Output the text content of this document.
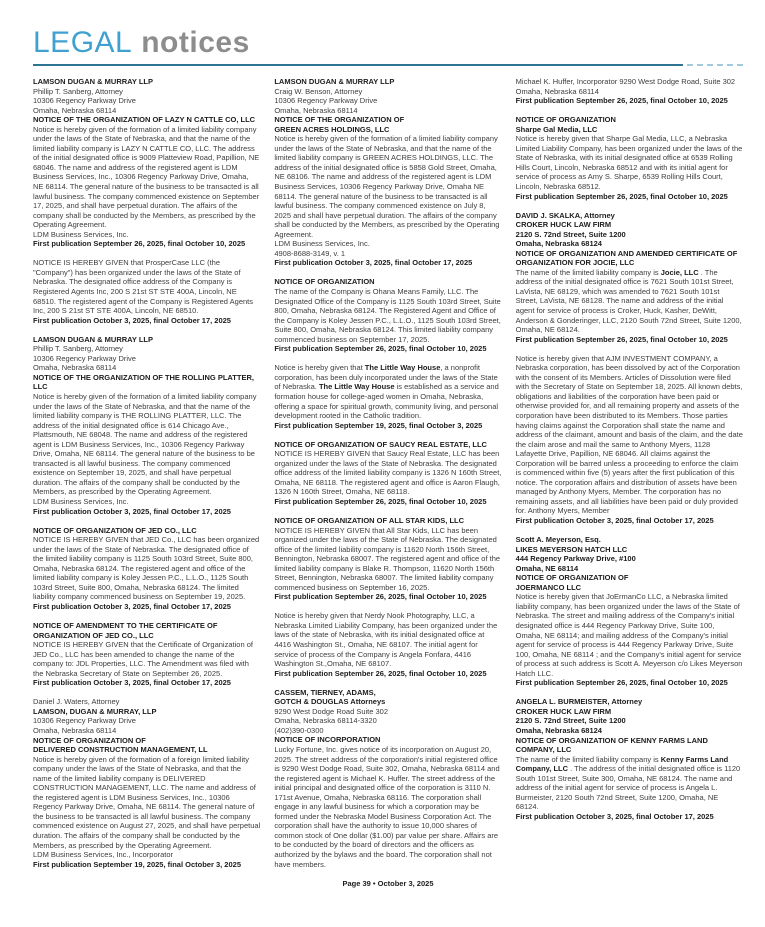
LEGAL notices

LAMSON DUGAN & MURRAY LLP

Phillip T. Sanberg, Attorney

10306 Regency Parkway Drive

Omaha, Nebraska 68114

NOTICE OF THE ORGANIZATION OF LAZY N CATTLE CO, LLC

Notice is hereby given of the formation of a limited liability company under the laws of the State of Nebraska, and that the name of the limited liability company is LAZY N CATTLE CO, LLC. The address of the initial designated office is 9009 Platteview Road, Papillion, NE 68046. The name and address of the registered agent is LDM Business Services, Inc., 10306 Regency Parkway Drive, Omaha, NE 68114. The general nature of the business to be transacted is all lawful business. The company commenced existence on September 17, 2025, and shall have perpetual duration. The affairs of the company shall be conducted by the Members, as prescribed by the Operating Agreement.

LDM Business Services, Inc.

First publication September 26, 2025, final October 10, 2025

NOTICE IS HEREBY GIVEN that ProsperCase LLC (the "Company") has been organized under the laws of the State of Nebraska. The designated office address of the Company is Registered Agents Inc, 200 S 21st ST STE 400A, Lincoln, NE 68510. The registered agent of the Company is Registered Agents Inc, 200 S 21st ST STE 400A, Lincoln, NE 68510.

First publication October 3, 2025, final October 17, 2025

LAMSON DUGAN & MURRAY LLP

Phillip T. Sanberg, Attorney

10306 Regency Parkway Drive

Omaha, Nebraska 68114

NOTICE OF THE ORGANIZATION OF THE ROLLING PLATTER, LLC

Notice is hereby given of the formation of a limited liability company under the laws of the State of Nebraska, and that the name of the limited liability company is THE ROLLING PLATTER, LLC. The address of the initial designated office is 614 Chicago Ave., Plattsmouth, NE 68048. The name and address of the registered agent is LDM Business Services, Inc., 10306 Regency Parkway Drive, Omaha, NE 68114. The general nature of the business to be transacted is all lawful business. The company commenced existence on September 19, 2025, and shall have perpetual duration. The affairs of the company shall be conducted by the Members, as prescribed by the Operating Agreement.

LDM Business Services, Inc.

First publication October 3, 2025, final October 17, 2025

NOTICE OF ORGANIZATION OF JED CO., LLC

NOTICE IS HEREBY GIVEN that JED Co., LLC has been organized under the laws of the State of Nebraska. The designated office of the limited liability company is 1125 South 103rd Street, Suite 800, Omaha, Nebraska 68124. The registered agent and office of the limited liability company is Koley Jessen P.C., L.L.O., 1125 South 103rd Street, Suite 800, Omaha, Nebraska 68124. The limited liability company commenced business on September 19, 2025.

First publication October 3, 2025, final October 17, 2025

NOTICE OF AMENDMENT TO THE CERTIFICATE OF

ORGANIZATION OF JED CO., LLC

NOTICE IS HEREBY GIVEN that the Certificate of Organization of JED Co., LLC has been amended to change the name of the company to: JDL Properties, LLC. The Amendment was filed with the Nebraska Secretary of State on September 26, 2025.

First publication October 3, 2025, final October 17, 2025

Daniel J. Waters, Attorney

LAMSON, DUGAN & MURRAY, LLP

10306 Regency Parkway Drive

Omaha, Nebraska 68114

NOTICE OF ORGANIZATION OF

DELIVERED CONSTRUCTION MANAGEMENT, LL

Notice is hereby given of the formation of a foreign limited liability company under the laws of the State of Nebraska, and that the name of the limited liability company is DELIVERED CONSTRUCTION MANAGEMENT, LLC. The name and address of the registered agent is LDM Business Services, Inc., 10306 Regency Parkway Drive, Omaha, NE 68114. The general nature of the business to be transacted is all lawful business. The company commenced existence on August 27, 2025, and shall have perpetual duration. The affairs of the company shall be conducted by the Members, as prescribed by the Operating Agreement.

LDM Business Services, Inc., Incorporator

First publication September 19, 2025, final October 3, 2025

LAMSON DUGAN & MURRAY LLP

Craig W. Benson, Attorney

10306 Regency Parkway Drive

Omaha, Nebraska 68114

NOTICE OF THE ORGANIZATION OF

GREEN ACRES HOLDINGS, LLC

Notice is hereby given of the formation of a limited liability company under the laws of the State of Nebraska, and that the name of the limited liability company is GREEN ACRES HOLDINGS, LLC. The address of the initial designated office is 5858 Gold Street, Omaha, NE 68106. The name and address of the registered agent is LDM Business Services, 10306 Regency Parkway Drive, Omaha NE 68114. The general nature of the business to be transacted is all lawful business. The company commenced existence on July 8, 2025 and shall have perpetual duration. The affairs of the company shall be conducted by the Members, as prescribed by the Operating Agreement.

LDM Business Services, Inc.

4908-8688-3149, v. 1

First publication October 3, 2025, final October 17, 2025

NOTICE OF ORGANIZATION

The name of the Company is Ohana Means Family, LLC. The Designated Office of the Company is 1125 South 103rd Street, Suite 800, Omaha, Nebraska 68124. The Registered Agent and Office of the Company is Koley Jessen P.C., L.L.O., 1125 South 103rd Street, Suite 800, Omaha, Nebraska 68124. This limited liability company commenced business on September 17, 2025.

First publication September 26, 2025, final October 10, 2025

Notice is hereby given that The Little Way House, a nonprofit corporation, has been duly incorporated under the laws of the State of Nebraska. The Little Way House is established as a service and formation house for college-aged women in Omaha, Nebraska, offering a space for spiritual growth, community living, and personal development rooted in the Catholic tradition.

First publication September 19, 2025, final October 3, 2025

NOTICE OF ORGANIZATION OF SAUCY REAL ESTATE, LLC

NOTICE IS HEREBY GIVEN that Saucy Real Estate, LLC has been organized under the laws of the State of Nebraska. The designated office address of the limited liability company is 1326 N 160th Street, Omaha, NE 68118. The registered agent and office is Aaron Flaugh, 1326 N 160th Street, Omaha, NE 68118.

First publication September 26, 2025, final October 10, 2025

NOTICE OF ORGANIZATION OF ALL STAR KIDS, LLC

NOTICE IS HEREBY GIVEN that All Star Kids, LLC has been organized under the laws of the State of Nebraska. The designated office of the limited liability company is 11620 North 156th Street, Bennington, Nebraska 68007. The registered agent and office of the limited liability company is Blake R. Thompson, 11620 North 156th Street, Bennington, Nebraska 68007. The limited liability company commenced business on September 16, 2025.

First publication September 26, 2025, final October 10, 2025

Notice is hereby given that Nerdy Nook Photography, LLC, a Nebraska Limited Liability Company, has been organized under the laws of the state of Nebraska, with its initial designated office at 4416 Washington St., Omaha, NE 68107. The initial agent for service of process of the Company is Angela Fonfara, 4416 Washington St.,Omaha, NE 68107.

First publication September 26, 2025, final October 10, 2025

CASSEM, TIERNEY, ADAMS,

GOTCH & DOUGLAS Attorneys

9290 West Dodge Road Suite 302

Omaha, Nebraska 68114-3320

(402)390-0300

NOTICE OF INCORPORATION

Lucky Fortune, Inc. gives notice of its incorporation on August 20, 2025. The street address of the corporation's initial registered office is 9290 West Dodge Road, Suite 302, Omaha, Nebraska 68114 and the registered agent is Michael K. Huffer. The street address of the initial principal and designated office of the corporation is 3110 N. 171st Avenue, Omaha, Nebraska 68116. The corporation shall engage in any lawful business for which a corporation may be formed under the Nebraska Model Business Corporation Act. The corporation shall have the authority to issue 10,000 shares of common stock of One dollar ($1.00) par value per share. Affairs are to be conducted by the board of directors and the officers as authorized by the bylaws and the board. The corporation shall not have members.

Page 39 • October 3, 2025

Michael K. Huffer, Incorporator 9290 West Dodge Road, Suite 302 Omaha, Nebraska 68114

First publication September 26, 2025, final October 10, 2025

NOTICE OF ORGANIZATION

Sharpe Gal Media, LLC

Notice is hereby given that Sharpe Gal Media, LLC, a Nebraska Limited Liability Company, has been organized under the laws of the State of Nebraska, with its initial designated office at 6539 Rolling Hills Court, Lincoln, Nebraska 68512 and with its initial agent for service of process as Amy S. Sharpe, 6539 Rolling Hills Court, Lincoln, Nebraska 68512.

First publication September 26, 2025, final October 10, 2025

DAVID J. SKALKA, Attorney

CROKER HUCK LAW FIRM

2120 S. 72nd Street, Suite 1200

Omaha, Nebraska 68124

NOTICE OF ORGANIZATION AND AMENDED CERTIFICATE OF

ORGANIZATION FOR JOCIE, LLC

The name of the limited liability company is Jocie, LLC . The address of the initial designated office is 7621 South 101st Street, LaVista, NE 68129, which was amended to 7621 South 101st Street, LaVista, NE 68128. The name and address of the initial agent for service of process is Croker, Huck, Kasher, DeWitt, Anderson & Gonderinger, LLC, 2120 South 72nd Street, Suite 1200, Omaha, NE 68124.

First publication September 26, 2025, final October 10, 2025

Notice is hereby given that AJM INVESTMENT COMPANY, a Nebraska corporation, has been dissolved by act of the Corporation with the consent of its Members. Articles of Dissolution were filed with the Secretary of State on September 18, 2025. All known debts, obligations and liabilities of the corporation have been paid or otherwise provided for, and all remaining property and assets of the corporation have been distributed to its Members. Those parties having claims against the Corporation shall state the name and address of the claimant, amount and basis of the claim, and the date the claim arose and mail the same to Anthony Myers, 1128 Lafayette Drive, Papillion, NE 68046. All claims against the Corporation will be barred unless a proceeding to enforce the claim is commenced within five (5) years after the first publication of this notice. The corporation affairs and distribution of assets have been managed by Anthony Myers, Member. The corporation has no remaining assets, and all liabilities have been paid or duly provided for. Anthony Myers, Member

First publication October 3, 2025, final October 17, 2025

Scott A. Meyerson, Esq.

LIKES MEYERSON HATCH LLC

444 Regency Parkway Drive, #100

Omaha, NE 68114

NOTICE OF ORGANIZATION OF

JOERMANCO LLC

Notice is hereby given that JoErmanCo LLC, a Nebraska limited liability company, has been organized under the laws of the State of Nebraska. The street and mailing address of the Company's initial designated office is 444 Regency Parkway Drive, Suite 100, Omaha, NE 68114; and mailing address of the Company's initial agent for service of process is 444 Regency Parkway Drive, Suite 100, Omaha, NE 68114 ; and the Company's initial agent for service of process at such address is Scott A. Meyerson c/o Likes Meyerson Hatch LLC.

First publication September 26, 2025, final October 10, 2025

ANGELA L. BURMEISTER, Attorney

CROKER HUCK LAW FIRM

2120 S. 72nd Street, Suite 1200

Omaha, Nebraska 68124

NOTICE OF ORGANIZATION OF KENNY FARMS LAND

COMPANY, LLC

The name of the limited liability company is Kenny Farms Land Company, LLC . The address of the initial designated office is 1120 South 101st Street, Suite 300, Omaha, NE 68124. The name and address of the initial agent for service of process is Angela L. Burmeister, 2120 South 72nd Street, Suite 1200, Omaha, NE 68124.

First publication October 3, 2025, final October 17, 2025
